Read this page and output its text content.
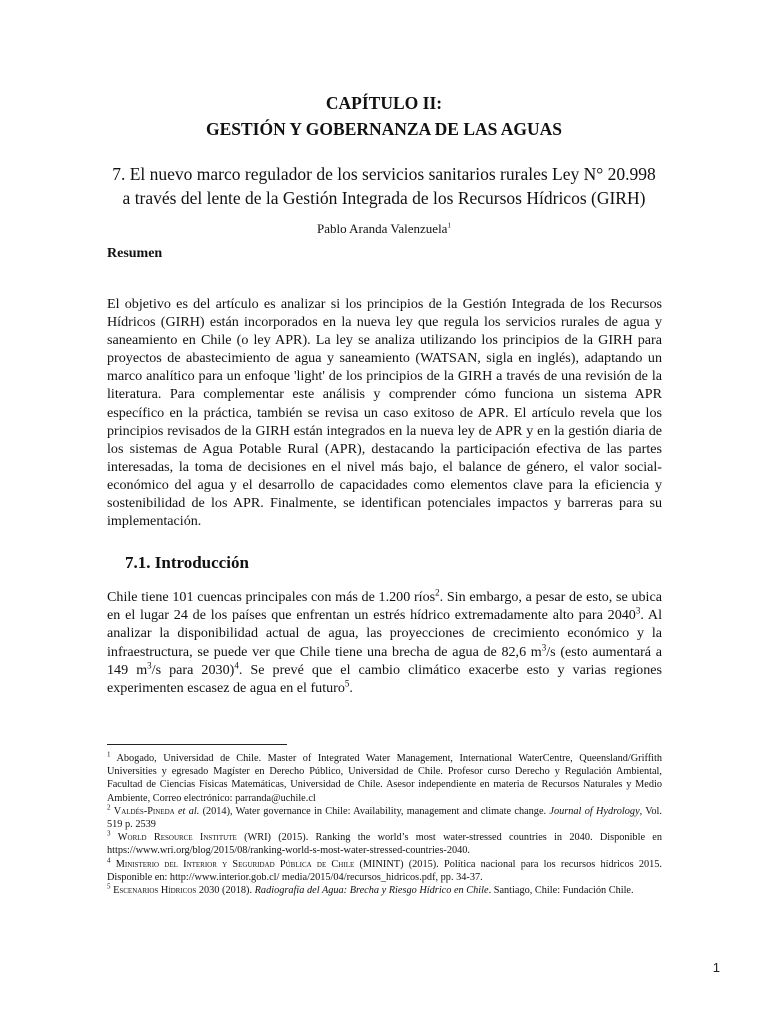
CAPÍTULO II:
GESTIÓN Y GOBERNANZA DE LAS AGUAS
7. El nuevo marco regulador de los servicios sanitarios rurales Ley N° 20.998
a través del lente de la Gestión Integrada de los Recursos Hídricos (GIRH)
Pablo Aranda Valenzuela$^1$
Resumen
El objetivo es del artículo es analizar si los principios de la Gestión Integrada de los Recursos Hídricos (GIRH) están incorporados en la nueva ley que regula los servicios rurales de agua y saneamiento en Chile (o ley APR). La ley se analiza utilizando los principios de la GIRH para proyectos de abastecimiento de agua y saneamiento (WATSAN, sigla en inglés), adaptando un marco analítico para un enfoque 'light' de los principios de la GIRH a través de una revisión de la literatura. Para complementar este análisis y comprender cómo funciona un sistema APR específico en la práctica, también se revisa un caso exitoso de APR. El artículo revela que los principios revisados de la GIRH están integrados en la nueva ley de APR y en la gestión diaria de los sistemas de Agua Potable Rural (APR), destacando la participación efectiva de las partes interesadas, la toma de decisiones en el nivel más bajo, el balance de género, el valor social-económico del agua y el desarrollo de capacidades como elementos clave para la eficiencia y sostenibilidad de los APR. Finalmente, se identifican potenciales impactos y barreras para su implementación.
7.1. Introducción
Chile tiene 101 cuencas principales con más de 1.200 ríos$^2$. Sin embargo, a pesar de esto, se ubica en el lugar 24 de los países que enfrentan un estrés hídrico extremadamente alto para 2040$^3$. Al analizar la disponibilidad actual de agua, las proyecciones de crecimiento económico y la infraestructura, se puede ver que Chile tiene una brecha de agua de 82,6 $m^3/s$ (esto aumentará a 149 $m^3/s$ para 2030)$^4$. Se prevé que el cambio climático exacerbe esto y varias regiones experimenten escasez de agua en el futuro$^5$.

$^1$ Abogado, Universidad de Chile. Master of Integrated Water Management, International WaterCentre, Queensland/Griffith Universities y egresado Magíster en Derecho Público, Universidad de Chile. Profesor curso Derecho y Regulación Ambiental, Facultad de Ciencias Físicas Matemáticas, Universidad de Chile. Asesor independiente en materia de Recursos Naturales y Medio Ambiente, Correo electrónico: parranda@uchile.cl

$^2$ Valdés-Pineda et al. (2014), Water governance in Chile: Availability, management and climate change. Journal of Hydrology, Vol. 519 p. 2539

$^3$ World Resource Institute (WRI) (2015). Ranking the world’s most water-stressed countries in 2040. Disponible en https://www.wri.org/blog/2015/08/ranking-world-s-most-water-stressed-countries-2040.

$^4$ Ministerio del Interior y Seguridad Pública de Chile (MININT) (2015). Política nacional para los recursos hídricos 2015. Disponible en: http://www.interior.gob.cl/ media/2015/04/recursos_hidricos.pdf, pp. 34-37.

$^5$ Escenarios Hídricos 2030 (2018). Radiografía del Agua: Brecha y Riesgo Hídrico en Chile. Santiago, Chile: Fundación Chile.

1
